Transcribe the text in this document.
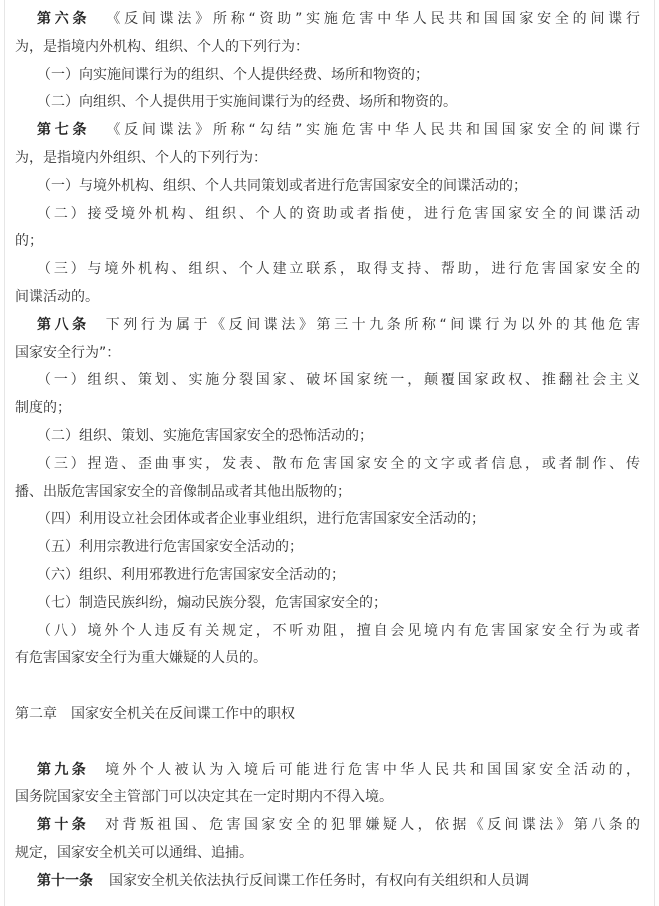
第六条 《反间谍法》所称“资助”实施危害中华人民共和国国家安全的间谍行
为，是指境内外机构、组织、个人的下列行为：
（一）向实施间谍行为的组织、个人提供经费、场所和物资的；
（二）向组织、个人提供用于实施间谍行为的经费、场所和物资的。
第七条 《反间谍法》所称“勾结”实施危害中华人民共和国国家安全的间谍行
为，是指境内外组织、个人的下列行为：
（一）与境外机构、组织、个人共同策划或者进行危害国家安全的间谍活动的；
（二）接受境外机构、组织、个人的资助或者指使，进行危害国家安全的间谍活动
的；
（三）与境外机构、组织、个人建立联系，取得支持、帮助，进行危害国家安全的
间谍活动的。
第八条 下列行为属于《反间谍法》第三十九条所称“间谍行为以外的其他危害
国家安全行为”：
（一）组织、策划、实施分裂国家、破坏国家统一，颠覆国家政权、推翻社会主义
制度的；
（二）组织、策划、实施危害国家安全的恐怖活动的；
（三）捏造、歪曲事实，发表、散布危害国家安全的文字或者信息，或者制作、传
播、出版危害国家安全的音像制品或者其他出版物的；
（四）利用设立社会团体或者企业事业组织，进行危害国家安全活动的；
（五）利用宗教进行危害国家安全活动的；
（六）组织、利用邪教进行危害国家安全活动的；
（七）制造民族纠纷，煽动民族分裂，危害国家安全的；
（八）境外个人违反有关规定，不听劝阻，擅自会见境内有危害国家安全行为或者
有危害国家安全行为重大嫌疑的人员的。
第二章　国家安全机关在反间谍工作中的职权
第九条 境外个人被认为入境后可能进行危害中华人民共和国国家安全活动的，
国务院国家安全主管部门可以决定其在一定时期内不得入境。
第十条 对背叛祖国、危害国家安全的犯罪嫌疑人，依据《反间谍法》第八条的
规定，国家安全机关可以通缉、追捕。
第十一条 国家安全机关依法执行反间谍工作任务时，有权向有关组织和人员调
